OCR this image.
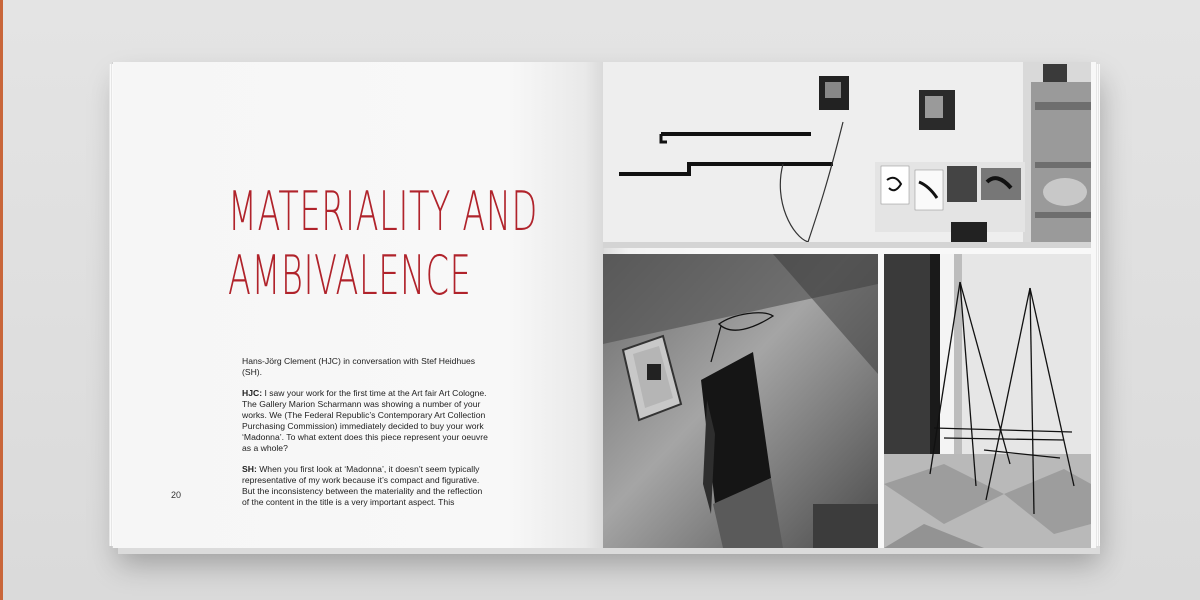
MATERIALITY AND
AMBIVALENCE

Hans-Jörg Clement (HJC) in conversation with Stef Heidhues (SH).

HJC: I saw your work for the first time at the Art fair Art Cologne. The Gallery Marion Scharmann was showing a number of your works. We (The Federal Republic’s Contemporary Art Collection Purchasing Commission) immediately decided to buy your work ‘Madonna’. To what extent does this piece represent your oeuvre as a whole?

SH: When you first look at ‘Madonna’, it doesn’t seem typically representative of my work because it’s compact and figurative. But the inconsistency between the materiality and the reflection of the content in the title is a very important aspect. This

20
